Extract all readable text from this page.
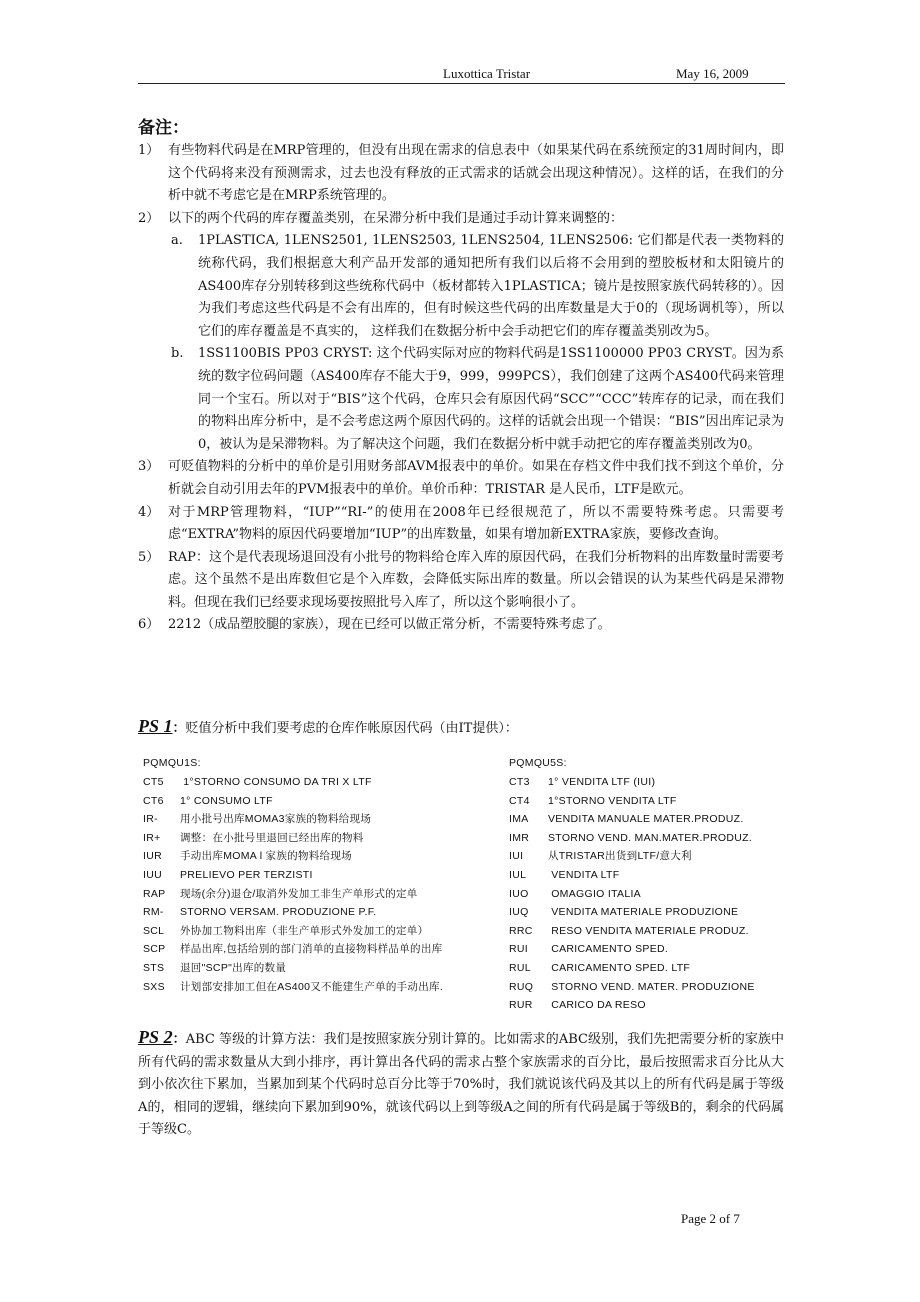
Luxottica Tristar	May 16, 2009
备注：
1） 有些物料代码是在MRP管理的，但没有出现在需求的信息表中（如果某代码在系统预定的31周时间内，即这个代码将来没有预测需求，过去也没有释放的正式需求的话就会出现这种情况）。这样的话，在我们的分析中就不考虑它是在MRP系统管理的。
2） 以下的两个代码的库存覆盖类别，在呆滞分析中我们是通过手动计算来调整的：
a. 1PLASTICA, 1LENS2501, 1LENS2503, 1LENS2504, 1LENS2506: 它们都是代表一类物料的统称代码，我们根据意大利产品开发部的通知把所有我们以后将不会用到的塑胶板材和太阳镜片的AS400库存分别转移到这些统称代码中（板材都转入1PLASTICA；镜片是按照家族代码转移的）。因为我们考虑这些代码是不会有出库的，但有时候这些代码的出库数量是大于0的（现场调机等），所以它们的库存覆盖是不真实的， 这样我们在数据分析中会手动把它们的库存覆盖类别改为5。
b. 1SS1100BIS PP03 CRYST: 这个代码实际对应的物料代码是1SS1100000 PP03 CRYST。因为系统的数字位码问题（AS400库存不能大于9，999，999PCS），我们创建了这两个AS400代码来管理同一个宝石。所以对于“BIS”这个代码，仓库只会有原因代码“SCC”“CCC”转库存的记录，而在我们的物料出库分析中，是不会考虑这两个原因代码的。这样的话就会出现一个错误：“BIS”因出库记录为0，被认为是呆滞物料。为了解决这个问题，我们在数据分析中就手动把它的库存覆盖类别改为0。
3） 可贬值物料的分析中的单价是引用财务部AVM报表中的单价。如果在存档文件中我们找不到这个单价，分析就会自动引用去年的PVM报表中的单价。单价币种：TRISTAR 是人民币，LTF是欧元。
4） 对于MRP管理物料，“IUP”“RI-”的使用在2008年已经很规范了，所以不需要特殊考虑。只需要考虑“EXTRA”物料的原因代码要增加“IUP”的出库数量，如果有增加新EXTRA家族，要修改查询。
5） RAP：这个是代表现场退回没有小批号的物料给仓库入库的原因代码，在我们分析物料的出库数量时需要考虑。这个虽然不是出库数但它是个入库数，会降低实际出库的数量。所以会错误的认为某些代码是呆滞物料。但现在我们已经要求现场要按照批号入库了，所以这个影响很小了。
6） 2212（成品塑胶腿的家族），现在已经可以做正常分析，不需要特殊考虑了。
PS 1：贬值分析中我们要考虑的仓库作帐原因代码（由IT提供）：
PQMQU1S:
CT5 1°STORNO CONSUMO DA TRI X LTF
CT6 1° CONSUMO LTF
IR- 用小批号出库MOMA3家族的物料给现场
IR+ 调整：在小批号里退回已经出库的物料
IUR 手动出库MOMA l 家族的物料给现场
IUU PRELIEVO PER TERZISTI
RAP 现场(余分)退仓/取消外发加工非生产单形式的定单
RM- STORNO VERSAM. PRODUZIONE P.F.
SCL 外协加工物料出库（非生产单形式外发加工的定单）
SCP 样品出库,包括给别的部门消单的直接物料样品单的出库
STS 退回"SCP"出库的数量
SXS 计划部安排加工但在AS400又不能建生产单的手动出库.
PQMQU5S:
CT3 1° VENDITA LTF (IUI)
CT4 1°STORNO VENDITA LTF
IMA VENDITA MANUALE MATER.PRODUZ.
IMR STORNO VEND. MAN.MATER.PRODUZ.
IUI 从TRISTAR出货到LTF/意大利
IUL VENDITA LTF
IUO OMAGGIO ITALIA
IUQ VENDITA MATERIALE PRODUZIONE
RRC RESO VENDITA MATERIALE PRODUZ.
RUI CARICAMENTO SPED.
RUL CARICAMENTO SPED. LTF
RUQ STORNO VEND. MATER. PRODUZIONE
RUR CARICO DA RESO
PS 2：ABC 等级的计算方法：我们是按照家族分别计算的。比如需求的ABC级别，我们先把需要分析的家族中所有代码的需求数量从大到小排序，再计算出各代码的需求占整个家族需求的百分比，最后按照需求百分比从大到小依次往下累加，当累加到某个代码时总百分比等于70%时，我们就说该代码及其以上的所有代码是属于等级A的，相同的逻辑，继续向下累加到90%，就该代码以上到等级A之间的所有代码是属于等级B的，剩余的代码属于等级C。
Page 2 of 7
